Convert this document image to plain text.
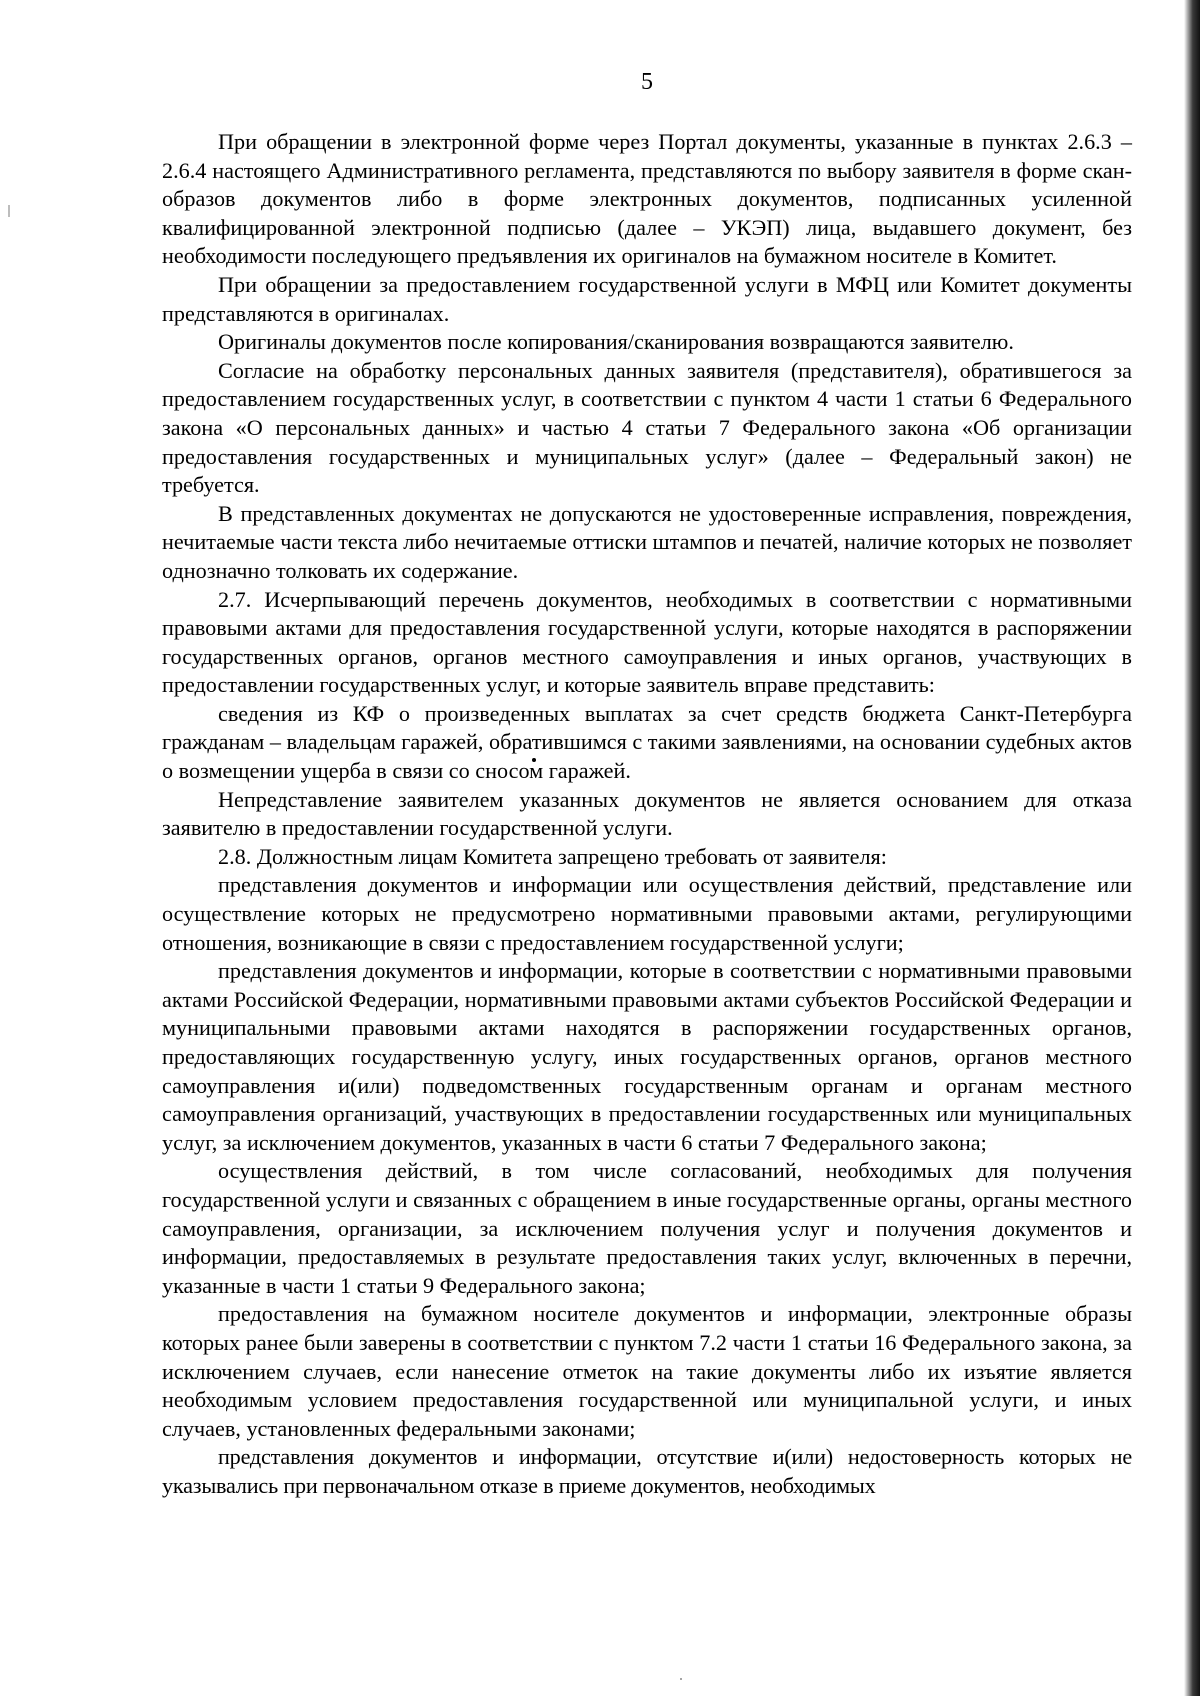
5

При обращении в электронной форме через Портал документы, указанные в пунктах 2.6.3 – 2.6.4 настоящего Административного регламента, представляются по выбору заявителя в форме скан-образов документов либо в форме электронных документов, подписанных усиленной квалифицированной электронной подписью (далее – УКЭП) лица, выдавшего документ, без необходимости последующего предъявления их оригиналов на бумажном носителе в Комитет.

При обращении за предоставлением государственной услуги в МФЦ или Комитет документы представляются в оригиналах.

Оригиналы документов после копирования/сканирования возвращаются заявителю.

Согласие на обработку персональных данных заявителя (представителя), обратившегося за предоставлением государственных услуг, в соответствии с пунктом 4 части 1 статьи 6 Федерального закона «О персональных данных» и частью 4 статьи 7 Федерального закона «Об организации предоставления государственных и муниципальных услуг» (далее – Федеральный закон) не требуется.

В представленных документах не допускаются не удостоверенные исправления, повреждения, нечитаемые части текста либо нечитаемые оттиски штампов и печатей, наличие которых не позволяет однозначно толковать их содержание.

2.7. Исчерпывающий перечень документов, необходимых в соответствии с нормативными правовыми актами для предоставления государственной услуги, которые находятся в распоряжении государственных органов, органов местного самоуправления и иных органов, участвующих в предоставлении государственных услуг, и которые заявитель вправе представить:

сведения из КФ о произведенных выплатах за счет средств бюджета Санкт-Петербурга гражданам – владельцам гаражей, обратившимся с такими заявлениями, на основании судебных актов о возмещении ущерба в связи со сносом гаражей.

Непредставление заявителем указанных документов не является основанием для отказа заявителю в предоставлении государственной услуги.

2.8. Должностным лицам Комитета запрещено требовать от заявителя:

представления документов и информации или осуществления действий, представление или осуществление которых не предусмотрено нормативными правовыми актами, регулирующими отношения, возникающие в связи с предоставлением государственной услуги;

представления документов и информации, которые в соответствии с нормативными правовыми актами Российской Федерации, нормативными правовыми актами субъектов Российской Федерации и муниципальными правовыми актами находятся в распоряжении государственных органов, предоставляющих государственную услугу, иных государственных органов, органов местного самоуправления и(или) подведомственных государственным органам и органам местного самоуправления организаций, участвующих в предоставлении государственных или муниципальных услуг, за исключением документов, указанных в части 6 статьи 7 Федерального закона;

осуществления действий, в том числе согласований, необходимых для получения государственной услуги и связанных с обращением в иные государственные органы, органы местного самоуправления, организации, за исключением получения услуг и получения документов и информации, предоставляемых в результате предоставления таких услуг, включенных в перечни, указанные в части 1 статьи 9 Федерального закона;

предоставления на бумажном носителе документов и информации, электронные образы которых ранее были заверены в соответствии с пунктом 7.2 части 1 статьи 16 Федерального закона, за исключением случаев, если нанесение отметок на такие документы либо их изъятие является необходимым условием предоставления государственной или муниципальной услуги, и иных случаев, установленных федеральными законами;

представления документов и информации, отсутствие и(или) недостоверность которых не указывались при первоначальном отказе в приеме документов, необходимых
